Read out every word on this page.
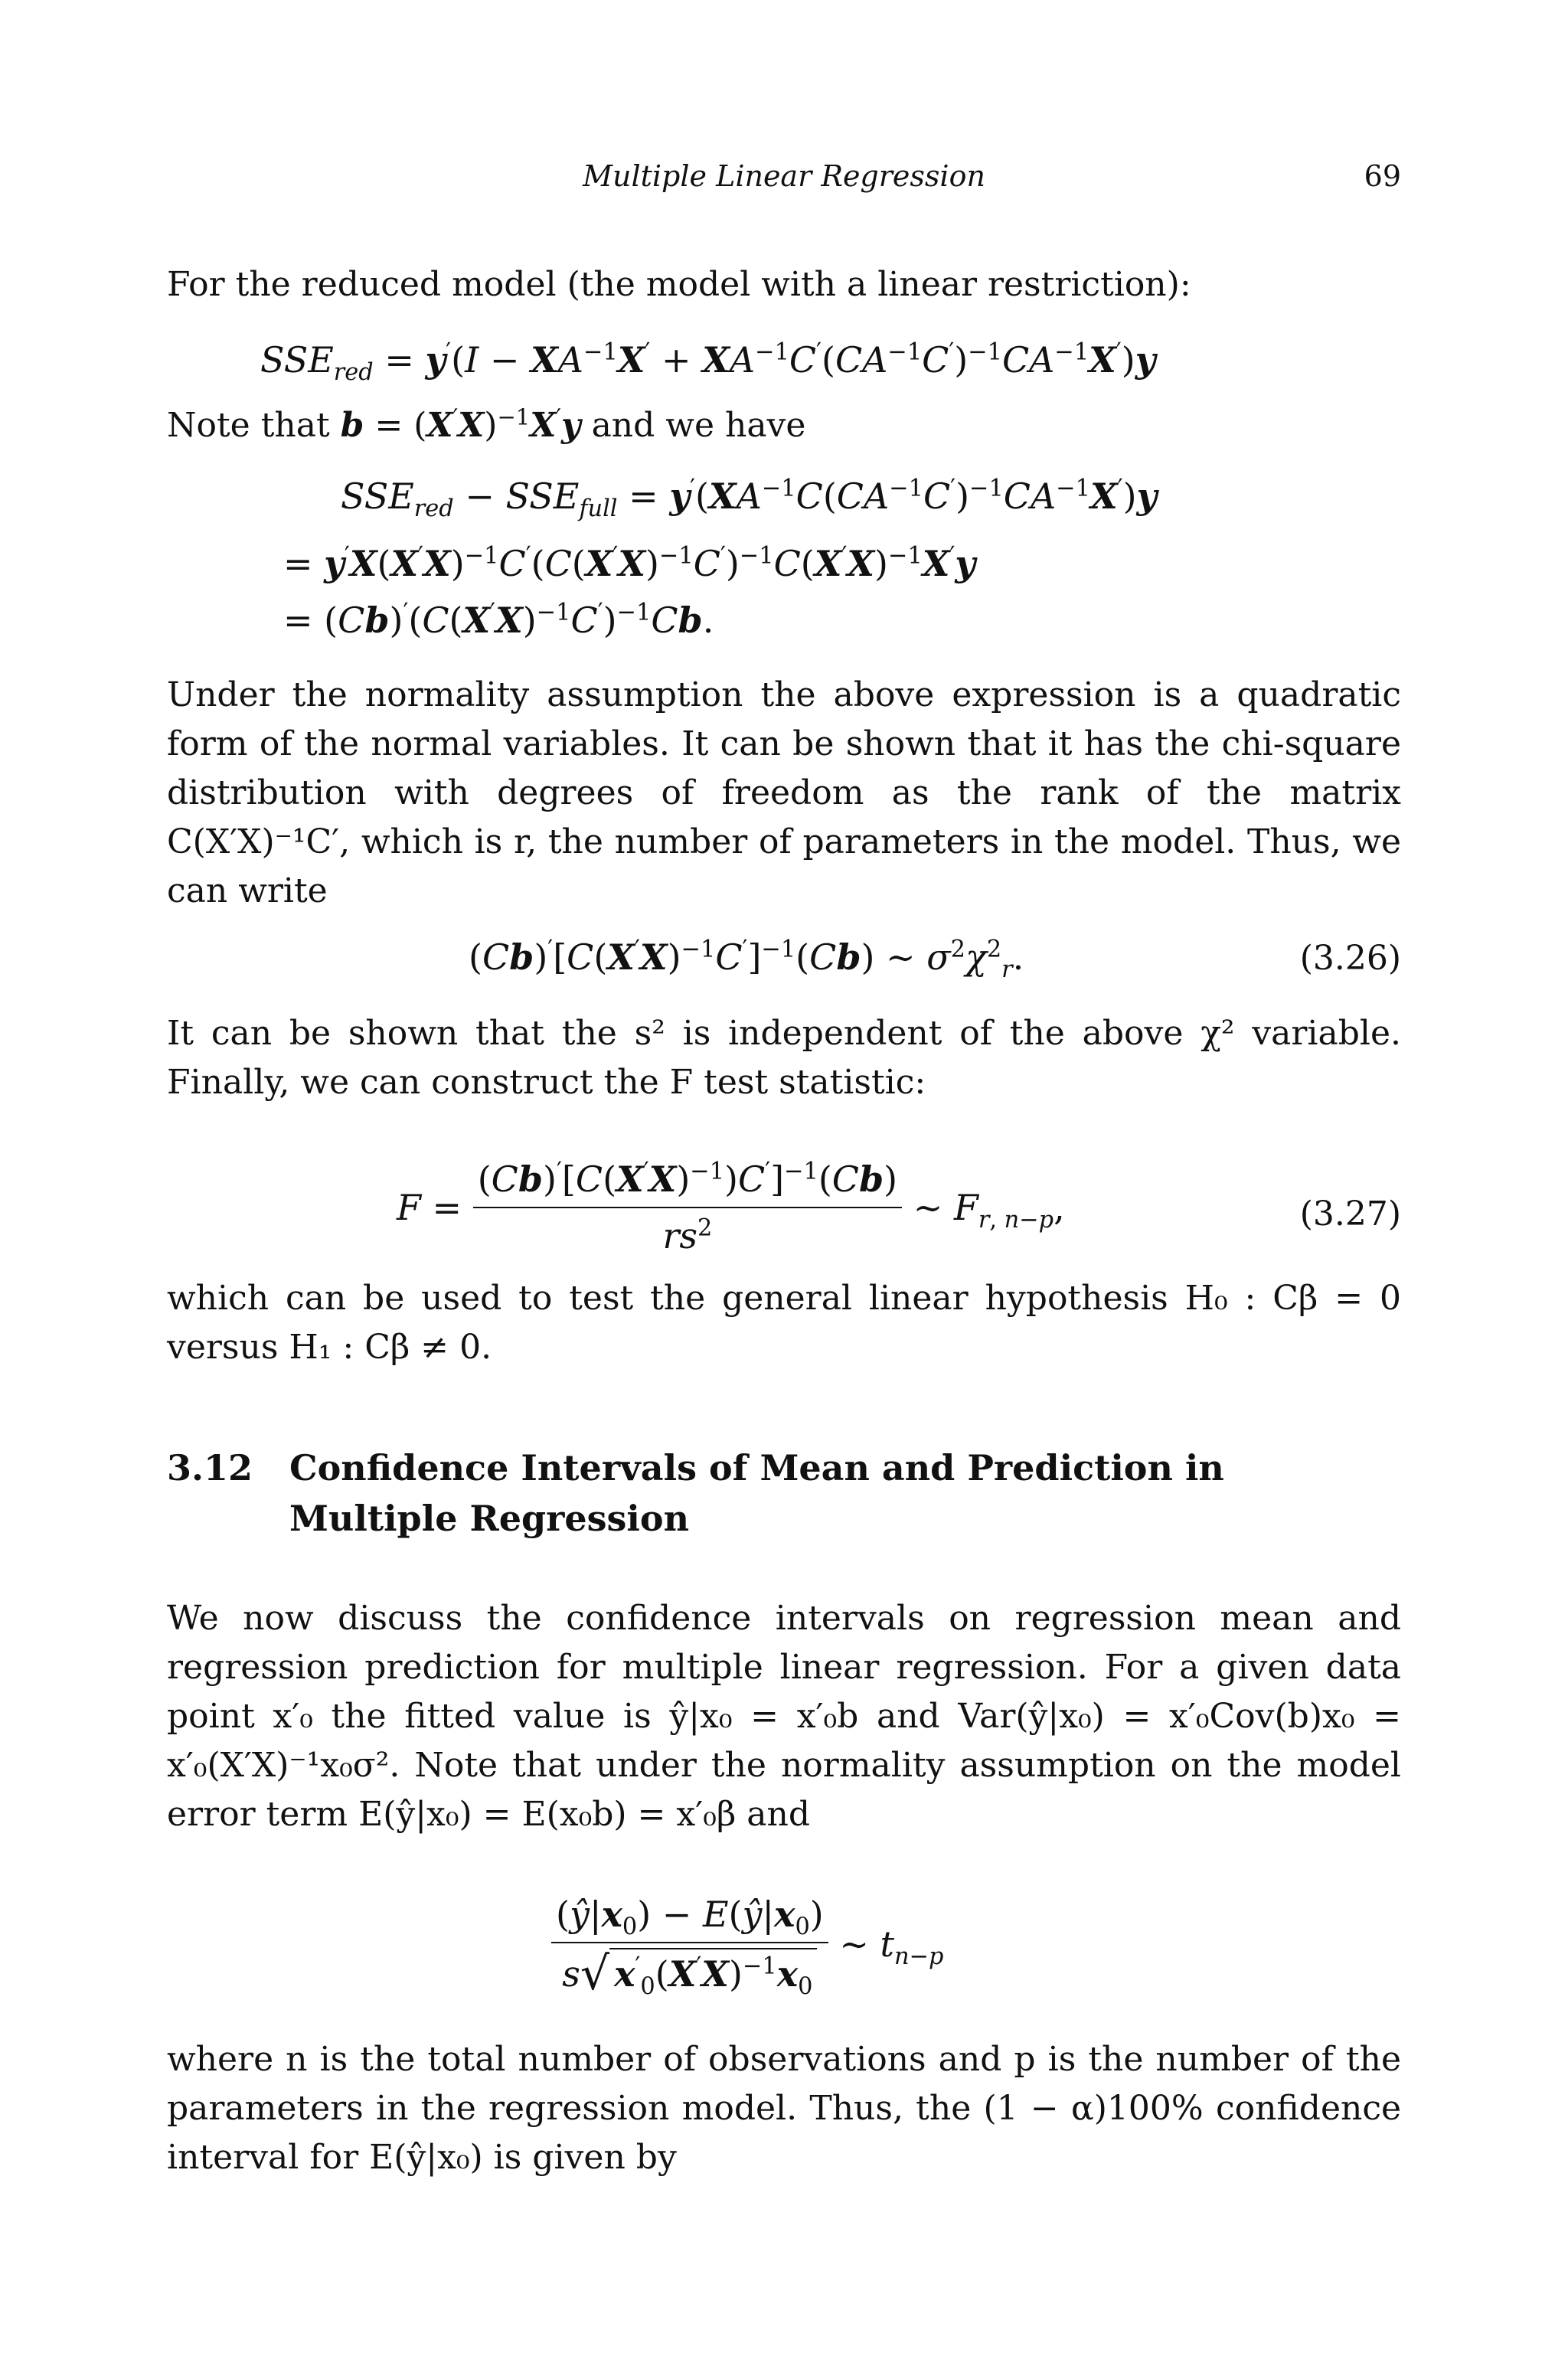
Multiple Linear Regression	69

For the reduced model (the model with a linear restriction):

$SSE_{red} = y'(I - XA^{-1}X' + XA^{-1}C'(CA^{-1}C')^{-1}CA^{-1}X')y$

Note that $b = (X'X)^{-1}X'y$ and we have

$SSE_{red} - SSE_{full} = y'(XA^{-1}C(CA^{-1}C')^{-1}CA^{-1}X')y$
= $y'X(X'X)^{-1}C'(C(X'X)^{-1}C')^{-1}C(X'X)^{-1}X'y$
= $(Cb)'(C(X'X)^{-1}C')^{-1}Cb$.

Under the normality assumption the above expression is a quadratic form of the normal variables. It can be shown that it has the chi-square distribution with degrees of freedom as the rank of the matrix C(X′X)⁻¹C′, which is r, the number of parameters in the model. Thus, we can write

$(Cb)'[C(X'X)^{-1}C']^{-1}(Cb)$ ∼ $\sigma^2\chi^2_r$.	(3.26)

It can be shown that the s² is independent of the above χ² variable. Finally, we can construct the F test statistic:

$F = \frac{(Cb)'[C(X'X)^{-1})C']^{-1}(Cb)}{rs^2}$ ∼ $F_{r, n-p}$,	(3.27)

which can be used to test the general linear hypothesis H₀ : Cβ = 0 versus H₁ : Cβ ≠ 0.

3.12 Confidence Intervals of Mean and Prediction in Multiple Regression

We now discuss the confidence intervals on regression mean and regression prediction for multiple linear regression. For a given data point x′₀ the fitted value is ŷ|x₀ = x′₀b and Var(ŷ|x₀) = x′₀Cov(b)x₀ = x′₀(X′X)⁻¹x₀σ². Note that under the normality assumption on the model error term E(ŷ|x₀) = E(x₀b) = x′₀β and

$\frac{(ŷ|x_0) - E(ŷ|x_0)}{s√ x'_0(X'X)^{-1}x_0}$ ∼ $t_{n-p}$

where n is the total number of observations and p is the number of the parameters in the regression model. Thus, the (1 − α)100% confidence interval for E(ŷ|x₀) is given by
